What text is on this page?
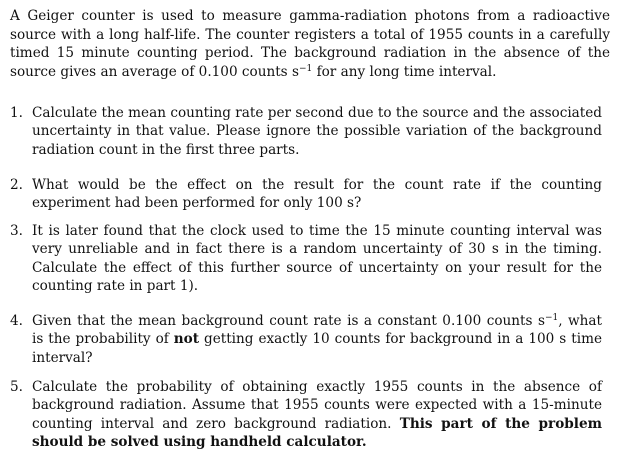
A Geiger counter is used to measure gamma-radiation photons from a radioactive source with a long half-life. The counter registers a total of 1955 counts in a carefully timed 15 minute counting period. The background radiation in the absence of the source gives an average of 0.100 counts $s^{-1}$ for any long time interval.

1. Calculate the mean counting rate per second due to the source and the associated uncertainty in that value. Please ignore the possible variation of the background radiation count in the first three parts.

2. What would be the effect on the result for the count rate if the counting experiment had been performed for only 100 s?

3. It is later found that the clock used to time the 15 minute counting interval was very unreliable and in fact there is a random uncertainty of 30 s in the timing. Calculate the effect of this further source of uncertainty on your result for the counting rate in part 1).

4. Given that the mean background count rate is a constant 0.100 counts $s^{-1}$, what is the probability of not getting exactly 10 counts for background in a 100 s time interval?

5. Calculate the probability of obtaining exactly 1955 counts in the absence of background radiation. Assume that 1955 counts were expected with a 15-minute counting interval and zero background radiation. This part of the problem should be solved using handheld calculator.
